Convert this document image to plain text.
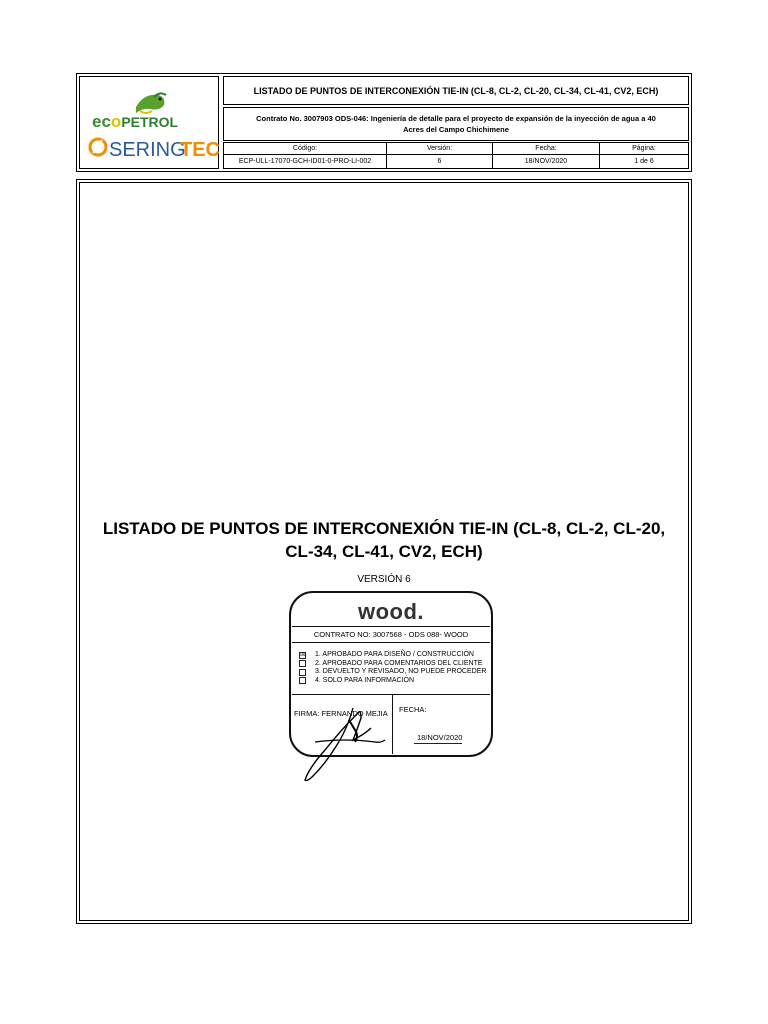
ecoPETROL
SERING
TEC
LISTADO DE PUNTOS DE INTERCONEXIÓN TIE-IN (CL-8, CL-2, CL-20, CL-34, CL-41, CV2, ECH)
Contrato No. 3007903 ODS-046: Ingeniería de detalle para el proyecto de expansión de la inyección de agua a 40 Acres del Campo Chichimene
Código:	Versión:	Fecha:	Página:
ECP-ULL-17070-GCH-ID01-0-PRO-LI-002	6	18/NOV/2020	1 de 6
LISTADO DE PUNTOS DE INTERCONEXIÓN TIE-IN (CL-8, CL-2, CL-20,
CL-34, CL-41, CV2, ECH)
VERSIÓN 6
wood.
CONTRATO NO: 3007568 - ODS 088- WOOD
☒ 1. APROBADO PARA DISEÑO / CONSTRUCCIÓN
2. APROBADO PARA COMENTARIOS DEL CLIENTE
3. DEVUELTO Y REVISADO, NO PUEDE PROCEDER
4. SOLO PARA INFORMACIÓN
FIRMA: FERNANDO MEJIA FECHA:
18/NOV/2020
